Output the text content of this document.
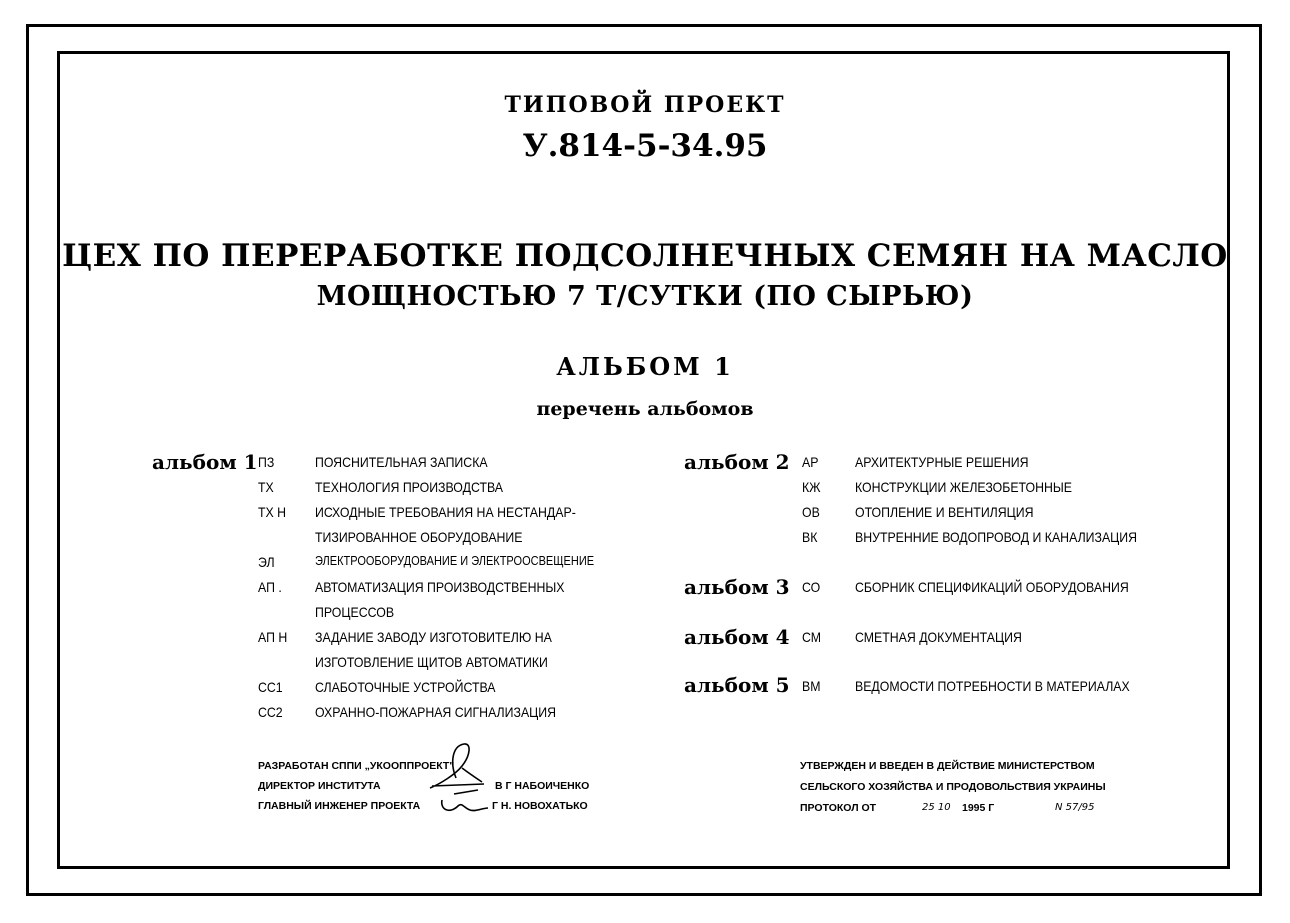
ТИПОВОЙ ПРОЕКТ
У.814-5-34.95
ЦЕХ ПО ПЕРЕРАБОТКЕ ПОДСОЛНЕЧНЫХ СЕМЯН НА МАСЛО
МОЩНОСТЬЮ 7 Т/СУТКИ (ПО СЫРЬЮ)
АЛЬБОМ 1
перечень альбомов
альбом 1 ПЗ	ПОЯСНИТЕЛЬНАЯ ЗАПИСКА
ТХ	ТЕХНОЛОГИЯ ПРОИЗВОДСТВА
ТХ Н ИСХОДНЫЕ ТРЕБОВАНИЯ НА НЕСТАНДАР-
ТИЗИРОВАННОЕ ОБОРУДОВАНИЕ
ЭЛ	ЭЛЕКТРООБОРУДОВАНИЕ И ЭЛЕКТРООСВЕЩЕНИЕ
АП . АВТОМАТИЗАЦИЯ ПРОИЗВОДСТВЕННЫХ
ПРОЦЕССОВ
АП Н ЗАДАНИЕ ЗАВОДУ ИЗГОТОВИТЕЛЮ НА
ИЗГОТОВЛЕНИЕ ЩИТОВ АВТОМАТИКИ
СС1 СЛАБОТОЧНЫЕ УСТРОЙСТВА
СС2 ОХРАННО-ПОЖАРНАЯ СИГНАЛИЗАЦИЯ
альбом 2 АР	АРХИТЕКТУРНЫЕ РЕШЕНИЯ
КЖ КОНСТРУКЦИИ ЖЕЛЕЗОБЕТОННЫЕ
ОВ	ОТОПЛЕНИЕ И ВЕНТИЛЯЦИЯ
ВК	ВНУТРЕННИЕ ВОДОПРОВОД И КАНАЛИЗАЦИЯ
альбом 3 СО СБОРНИК СПЕЦИФИКАЦИЙ ОБОРУДОВАНИЯ
альбом 4 СМ СМЕТНАЯ ДОКУМЕНТАЦИЯ
альбом 5 ВМ ВЕДОМОСТИ ПОТРЕБНОСТИ В МАТЕРИАЛАХ
РАЗРАБОТАН СППИ „УКООППРОЕКТ"
ДИРЕКТОР ИНСТИТУТА	В Г НАБОИЧЕНКО
ГЛАВНЫЙ ИНЖЕНЕР ПРОЕКТА	Г Н. НОВОХАТЬКО
УТВЕРЖДЕН И ВВЕДЕН В ДЕЙСТВИЕ МИНИСТЕРСТВОМ
СЕЛЬСКОГО ХОЗЯЙСТВА И ПРОДОВОЛЬСТВИЯ УКРАИНЫ
ПРОТОКОЛ ОТ	25 10 1995 Г	N 57/95
